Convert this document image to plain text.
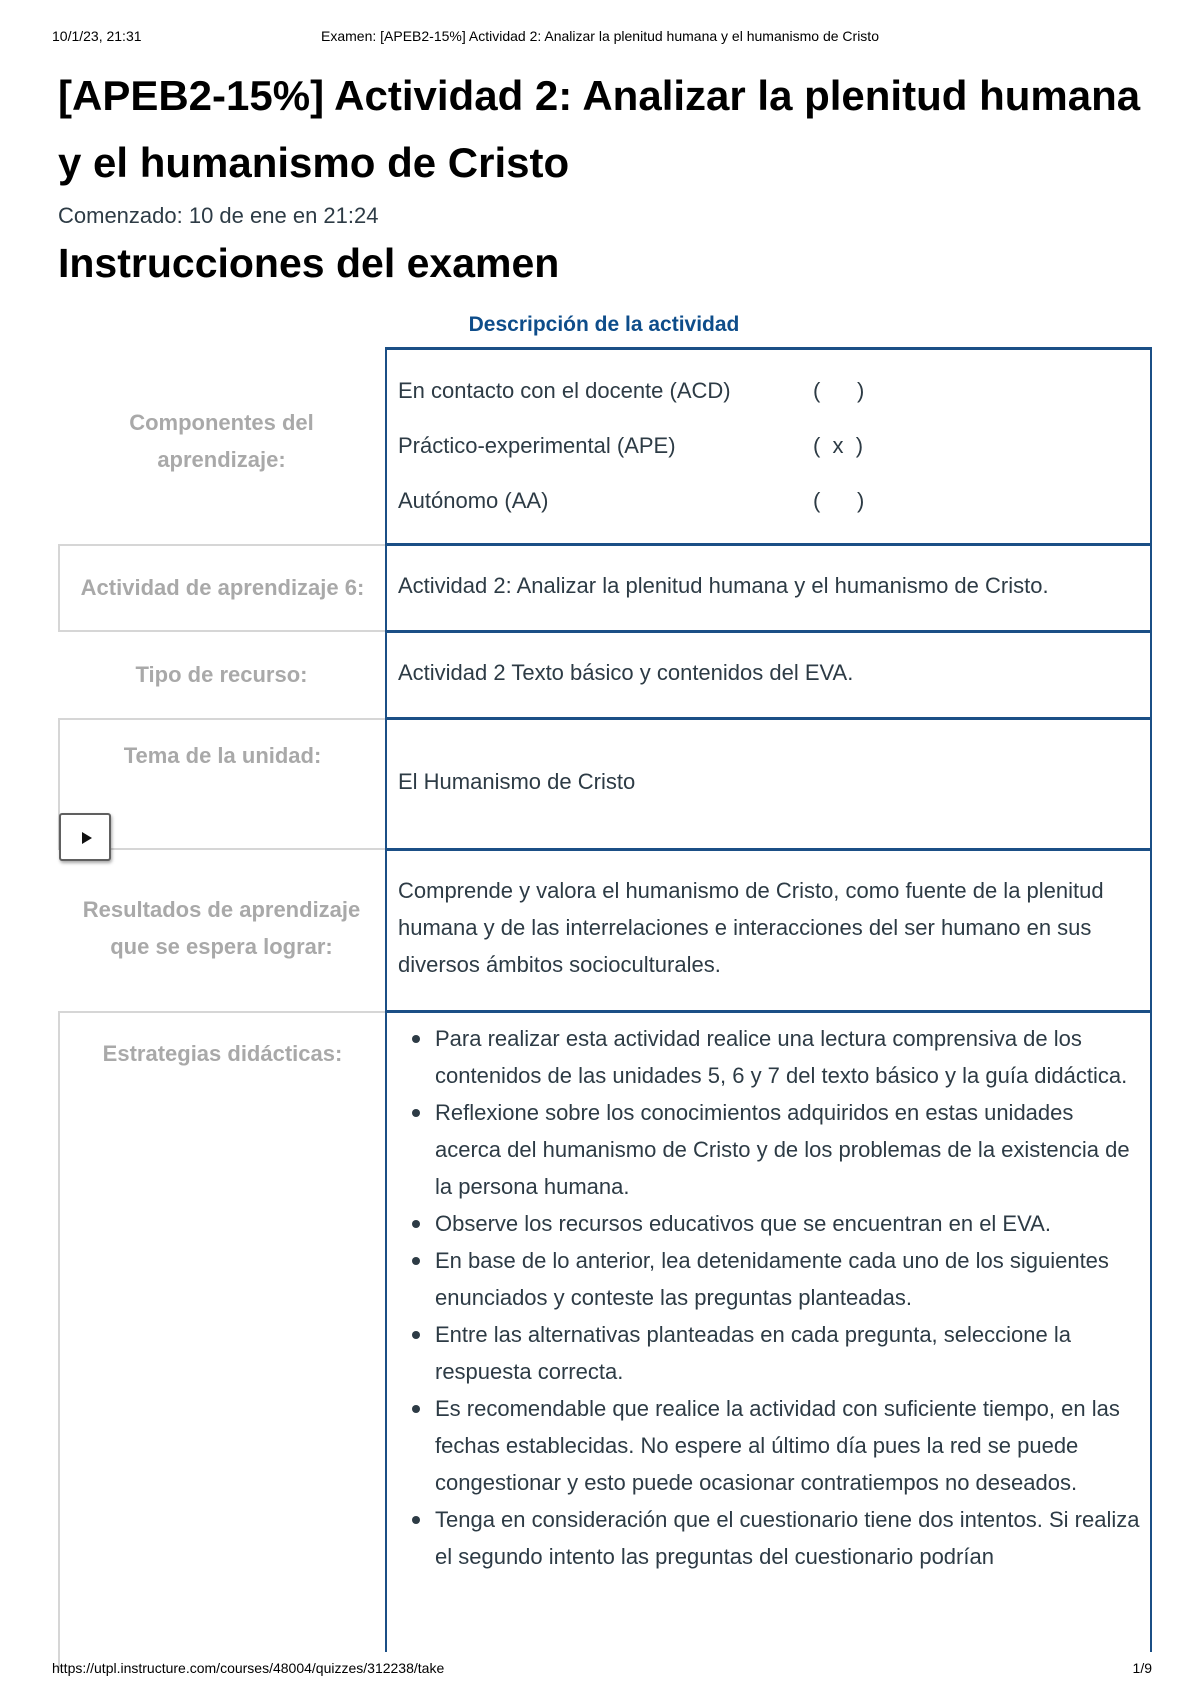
10/1/23, 21:31	Examen: [APEB2-15%] Actividad 2: Analizar la plenitud humana y el humanismo de Cristo
[APEB2-15%] Actividad 2: Analizar la plenitud humana y el humanismo de Cristo
Comenzado: 10 de ene en 21:24
Instrucciones del examen
Descripción de la actividad
Componentes del aprendizaje:
En contacto con el docente (ACD)	(      )
Práctico-experimental (APE)	(  x  )
Autónomo (AA)	(      )
Actividad de aprendizaje 6:	Actividad 2: Analizar la plenitud humana y el humanismo de Cristo.
Tipo de recurso:	Actividad 2 Texto básico y contenidos del EVA.
Tema de la unidad:
El Humanismo de Cristo
Resultados de aprendizaje que se espera lograr:
Comprende y valora el humanismo de Cristo, como fuente de la plenitud humana y de las interrelaciones e interacciones del ser humano en sus diversos ámbitos socioculturales.
Estrategias didácticas:
Para realizar esta actividad realice una lectura comprensiva de los contenidos de las unidades 5, 6 y 7 del texto básico y la guía didáctica.
Reflexione sobre los conocimientos adquiridos en estas unidades acerca del humanismo de Cristo y de los problemas de la existencia de la persona humana.
Observe los recursos educativos que se encuentran en el EVA.
En base de lo anterior, lea detenidamente cada uno de los siguientes enunciados y conteste las preguntas planteadas.
Entre las alternativas planteadas en cada pregunta, seleccione la respuesta correcta.
Es recomendable que realice la actividad con suficiente tiempo, en las fechas establecidas. No espere al último día pues la red se puede congestionar y esto puede ocasionar contratiempos no deseados.
Tenga en consideración que el cuestionario tiene dos intentos. Si realiza el segundo intento las preguntas del cuestionario podrían
https://utpl.instructure.com/courses/48004/quizzes/312238/take	1/9
